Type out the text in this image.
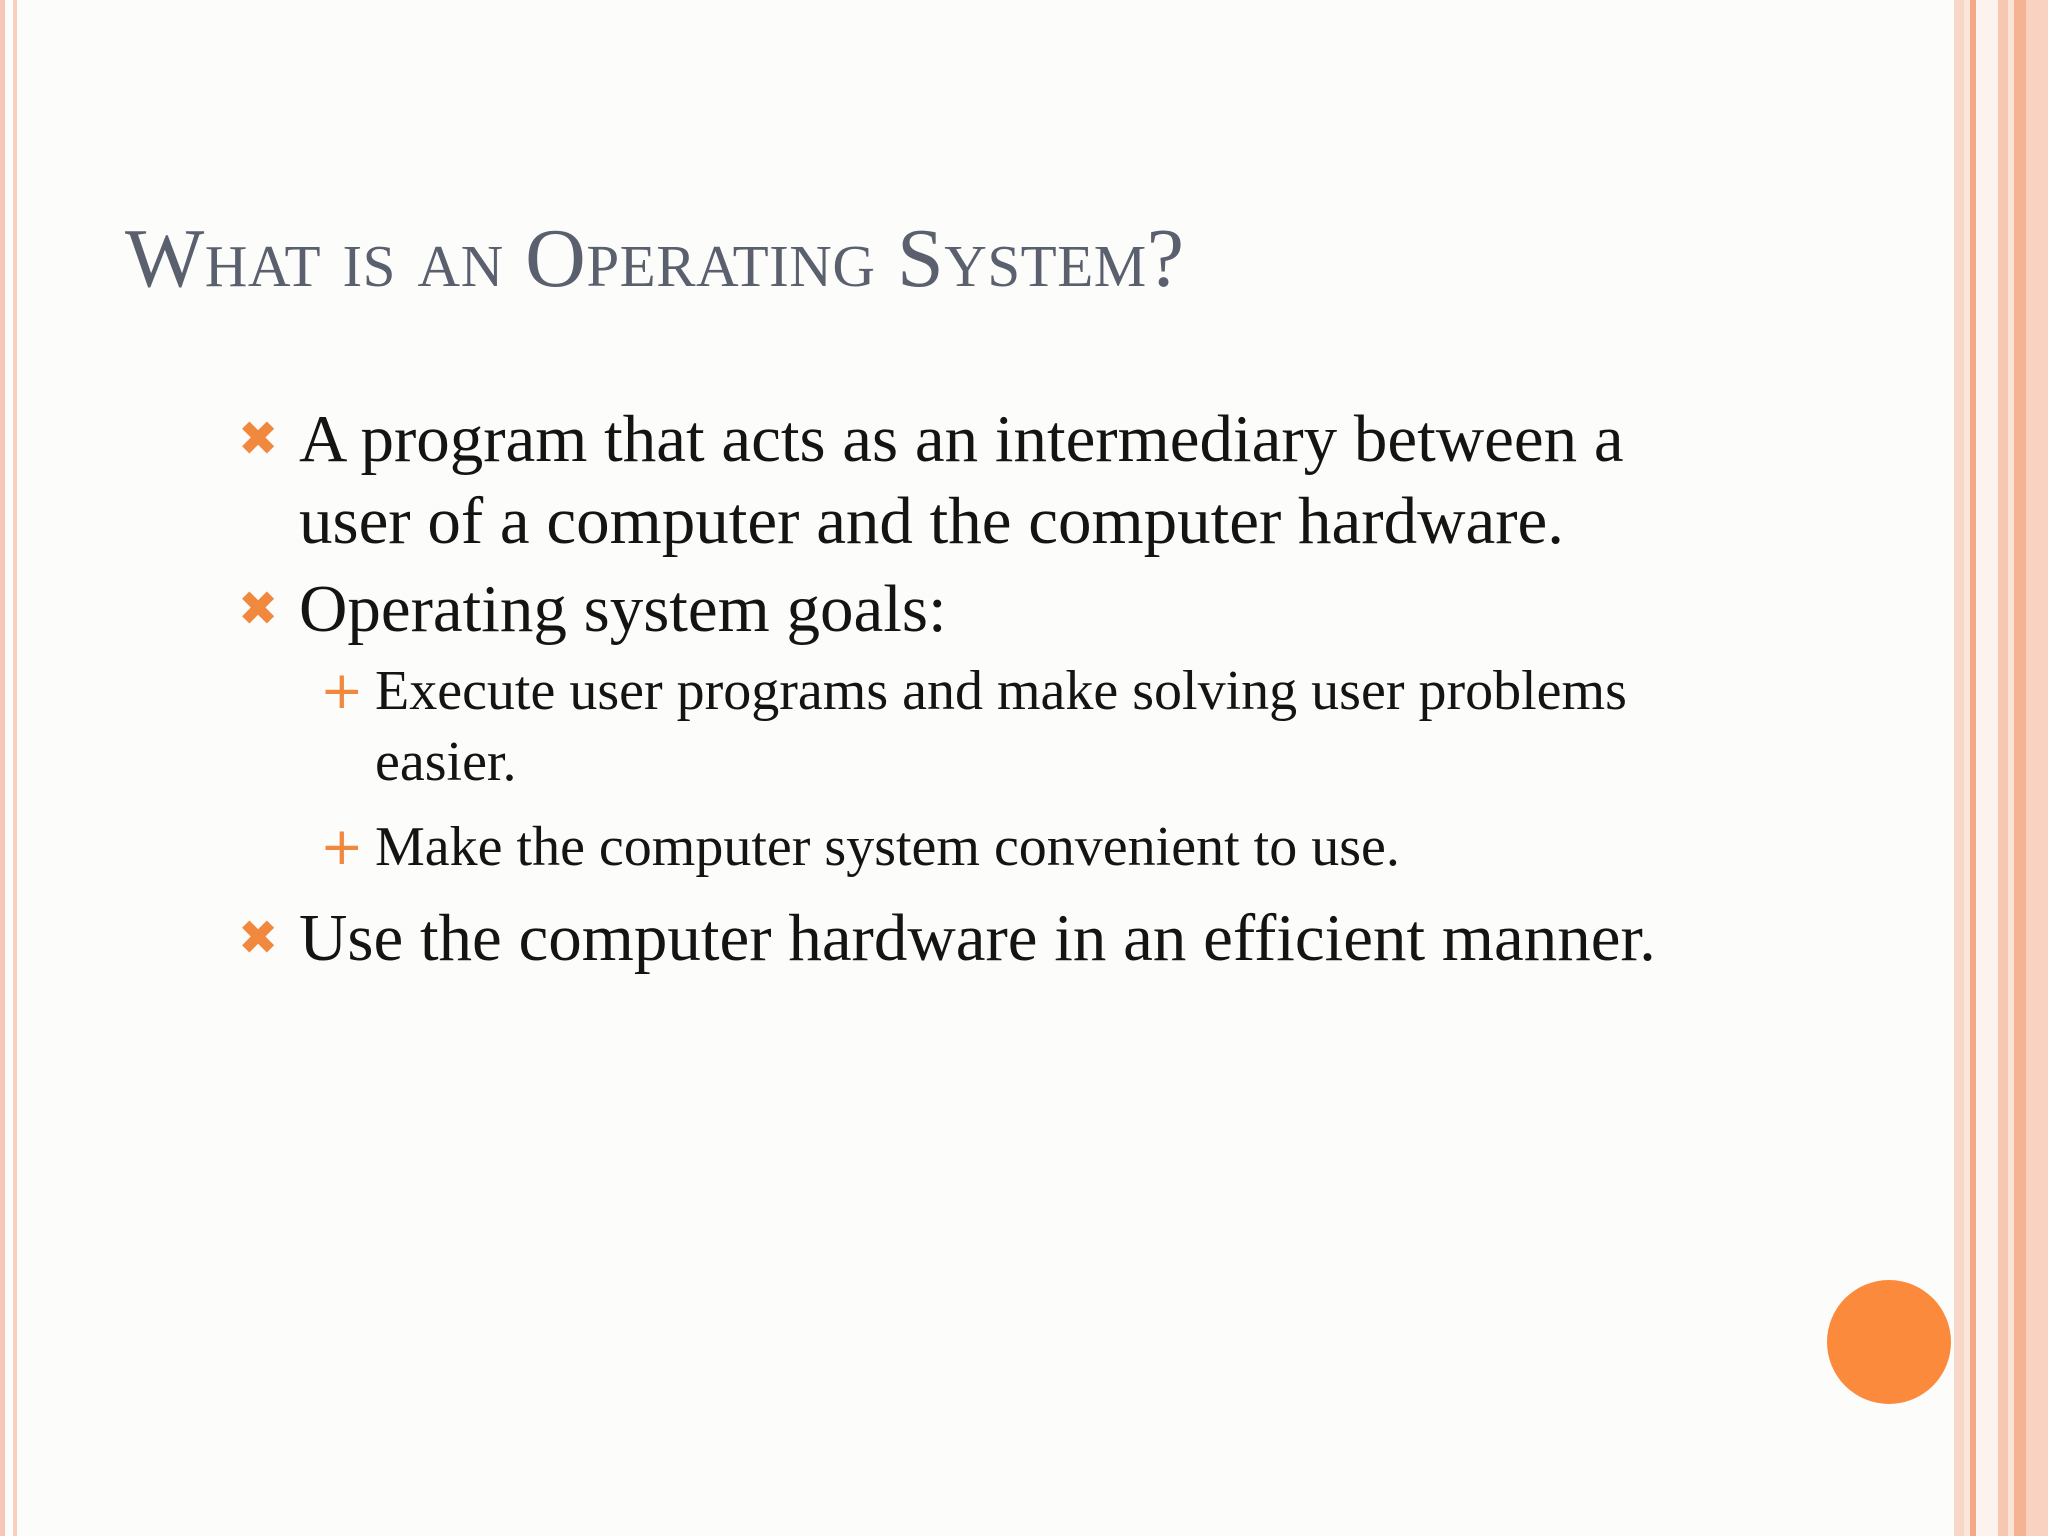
What is an Operating System?
✖ A program that acts as an intermediary between a user of a computer and the computer hardware.
✖ Operating system goals:
+ Execute user programs and make solving user problems easier.
+ Make the computer system convenient to use.
✖ Use the computer hardware in an efficient manner.
